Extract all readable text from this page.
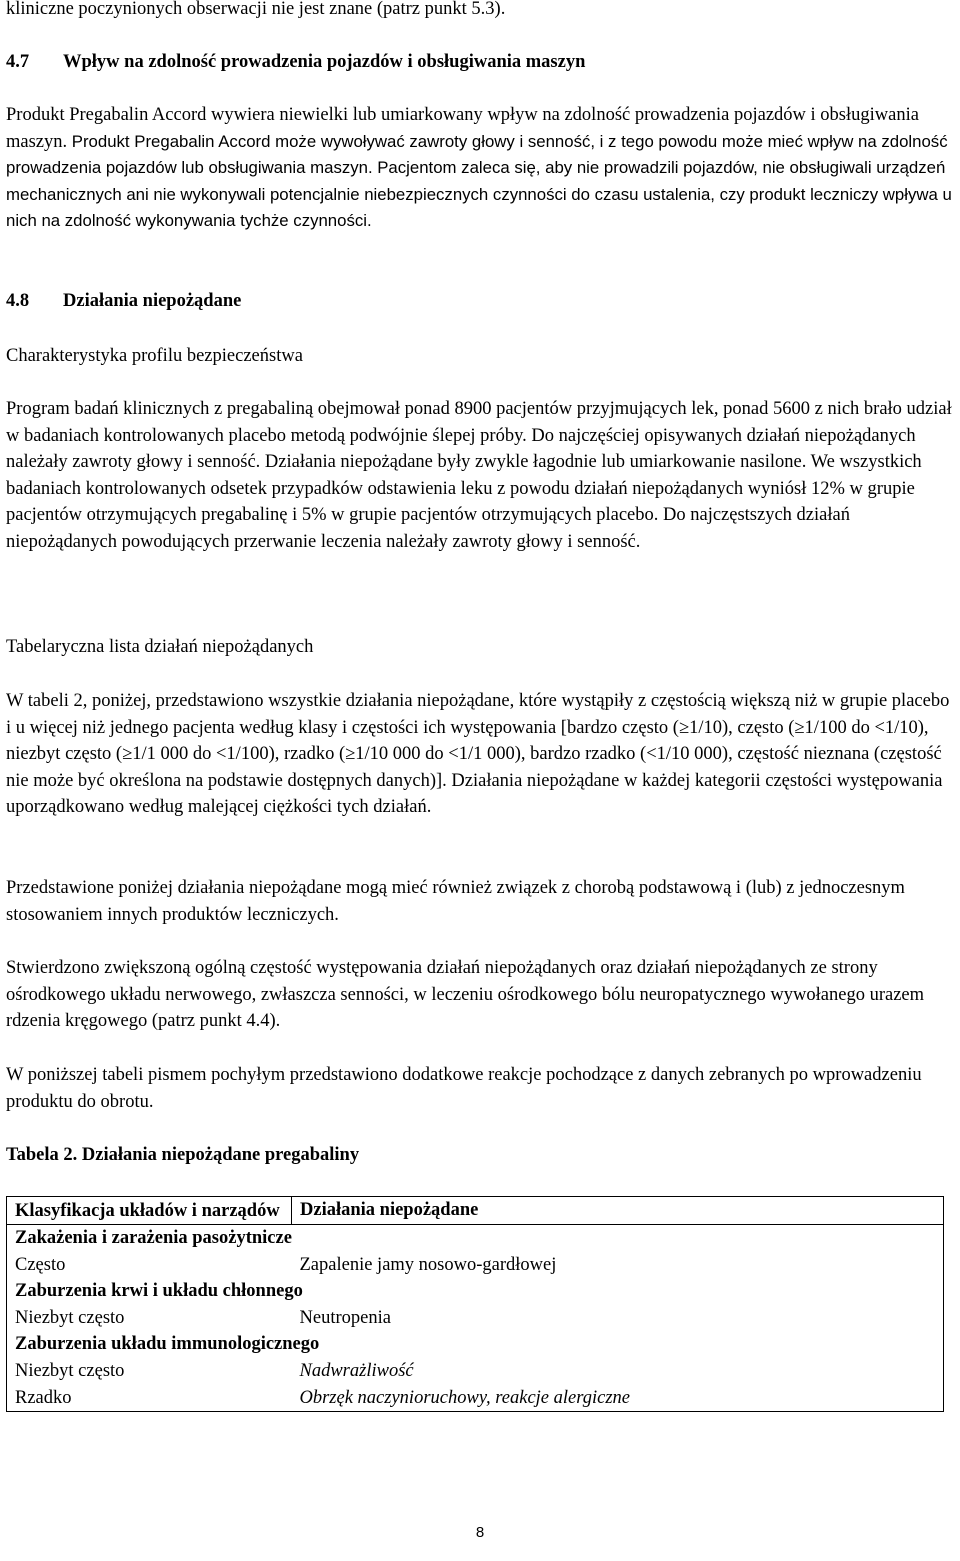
kliniczne poczynionych obserwacji nie jest znane (patrz punkt 5.3).

4.7 Wpływ na zdolność prowadzenia pojazdów i obsługiwania maszyn

Produkt Pregabalin Accord wywiera niewielki lub umiarkowany wpływ na zdolność prowadzenia pojazdów i obsługiwania maszyn. Produkt Pregabalin Accord może wywoływać zawroty głowy i senność, i z tego powodu może mieć wpływ na zdolność prowadzenia pojazdów lub obsługiwania maszyn. Pacjentom zaleca się, aby nie prowadzili pojazdów, nie obsługiwali urządzeń mechanicznych ani nie wykonywali potencjalnie niebezpiecznych czynności do czasu ustalenia, czy produkt leczniczy wpływa u nich na zdolność wykonywania tychże czynności.

4.8 Działania niepożądane

Charakterystyka profilu bezpieczeństwa

Program badań klinicznych z pregabaliną obejmował ponad 8900 pacjentów przyjmujących lek, ponad 5600 z nich brało udział w badaniach kontrolowanych placebo metodą podwójnie ślepej próby. Do najczęściej opisywanych działań niepożądanych należały zawroty głowy i senność. Działania niepożądane były zwykle łagodnie lub umiarkowanie nasilone. We wszystkich badaniach kontrolowanych odsetek przypadków odstawienia leku z powodu działań niepożądanych wyniósł 12% w grupie pacjentów otrzymujących pregabalinę i 5% w grupie pacjentów otrzymujących placebo. Do najczęstszych działań niepożądanych powodujących przerwanie leczenia należały zawroty głowy i senność.

Tabelaryczna lista działań niepożądanych

W tabeli 2, poniżej, przedstawiono wszystkie działania niepożądane, które wystąpiły z częstością większą niż w grupie placebo i u więcej niż jednego pacjenta według klasy i częstości ich występowania [bardzo często (≥1/10), często (≥1/100 do <1/10), niezbyt często (≥1/1 000 do <1/100), rzadko (≥1/10 000 do <1/1 000), bardzo rzadko (<1/10 000), częstość nieznana (częstość nie może być określona na podstawie dostępnych danych)]. Działania niepożądane w każdej kategorii częstości występowania uporządkowano według malejącej ciężkości tych działań.

Przedstawione poniżej działania niepożądane mogą mieć również związek z chorobą podstawową i (lub) z jednoczesnym stosowaniem innych produktów leczniczych.

Stwierdzono zwiększoną ogólną częstość występowania działań niepożądanych oraz działań niepożądanych ze strony ośrodkowego układu nerwowego, zwłaszcza senności, w leczeniu ośrodkowego bólu neuropatycznego wywołanego urazem rdzenia kręgowego (patrz punkt 4.4).

W poniższej tabeli pismem pochyłym przedstawiono dodatkowe reakcje pochodzące z danych zebranych po wprowadzeniu produktu do obrotu.

Tabela 2. Działania niepożądane pregabaliny

Klasyfikacja układów i narządów	Działania niepożądane
Zakażenia i zarażenia pasożytnicze	
Często	Zapalenie jamy nosowo-gardłowej
Zaburzenia krwi i układu chłonnego	
Niezbyt często	Neutropenia
Zaburzenia układu immunologicznego	
Niezbyt często	Nadwrażliwość
Rzadko	Obrzęk naczynioruchowy, reakcje alergiczne
8
